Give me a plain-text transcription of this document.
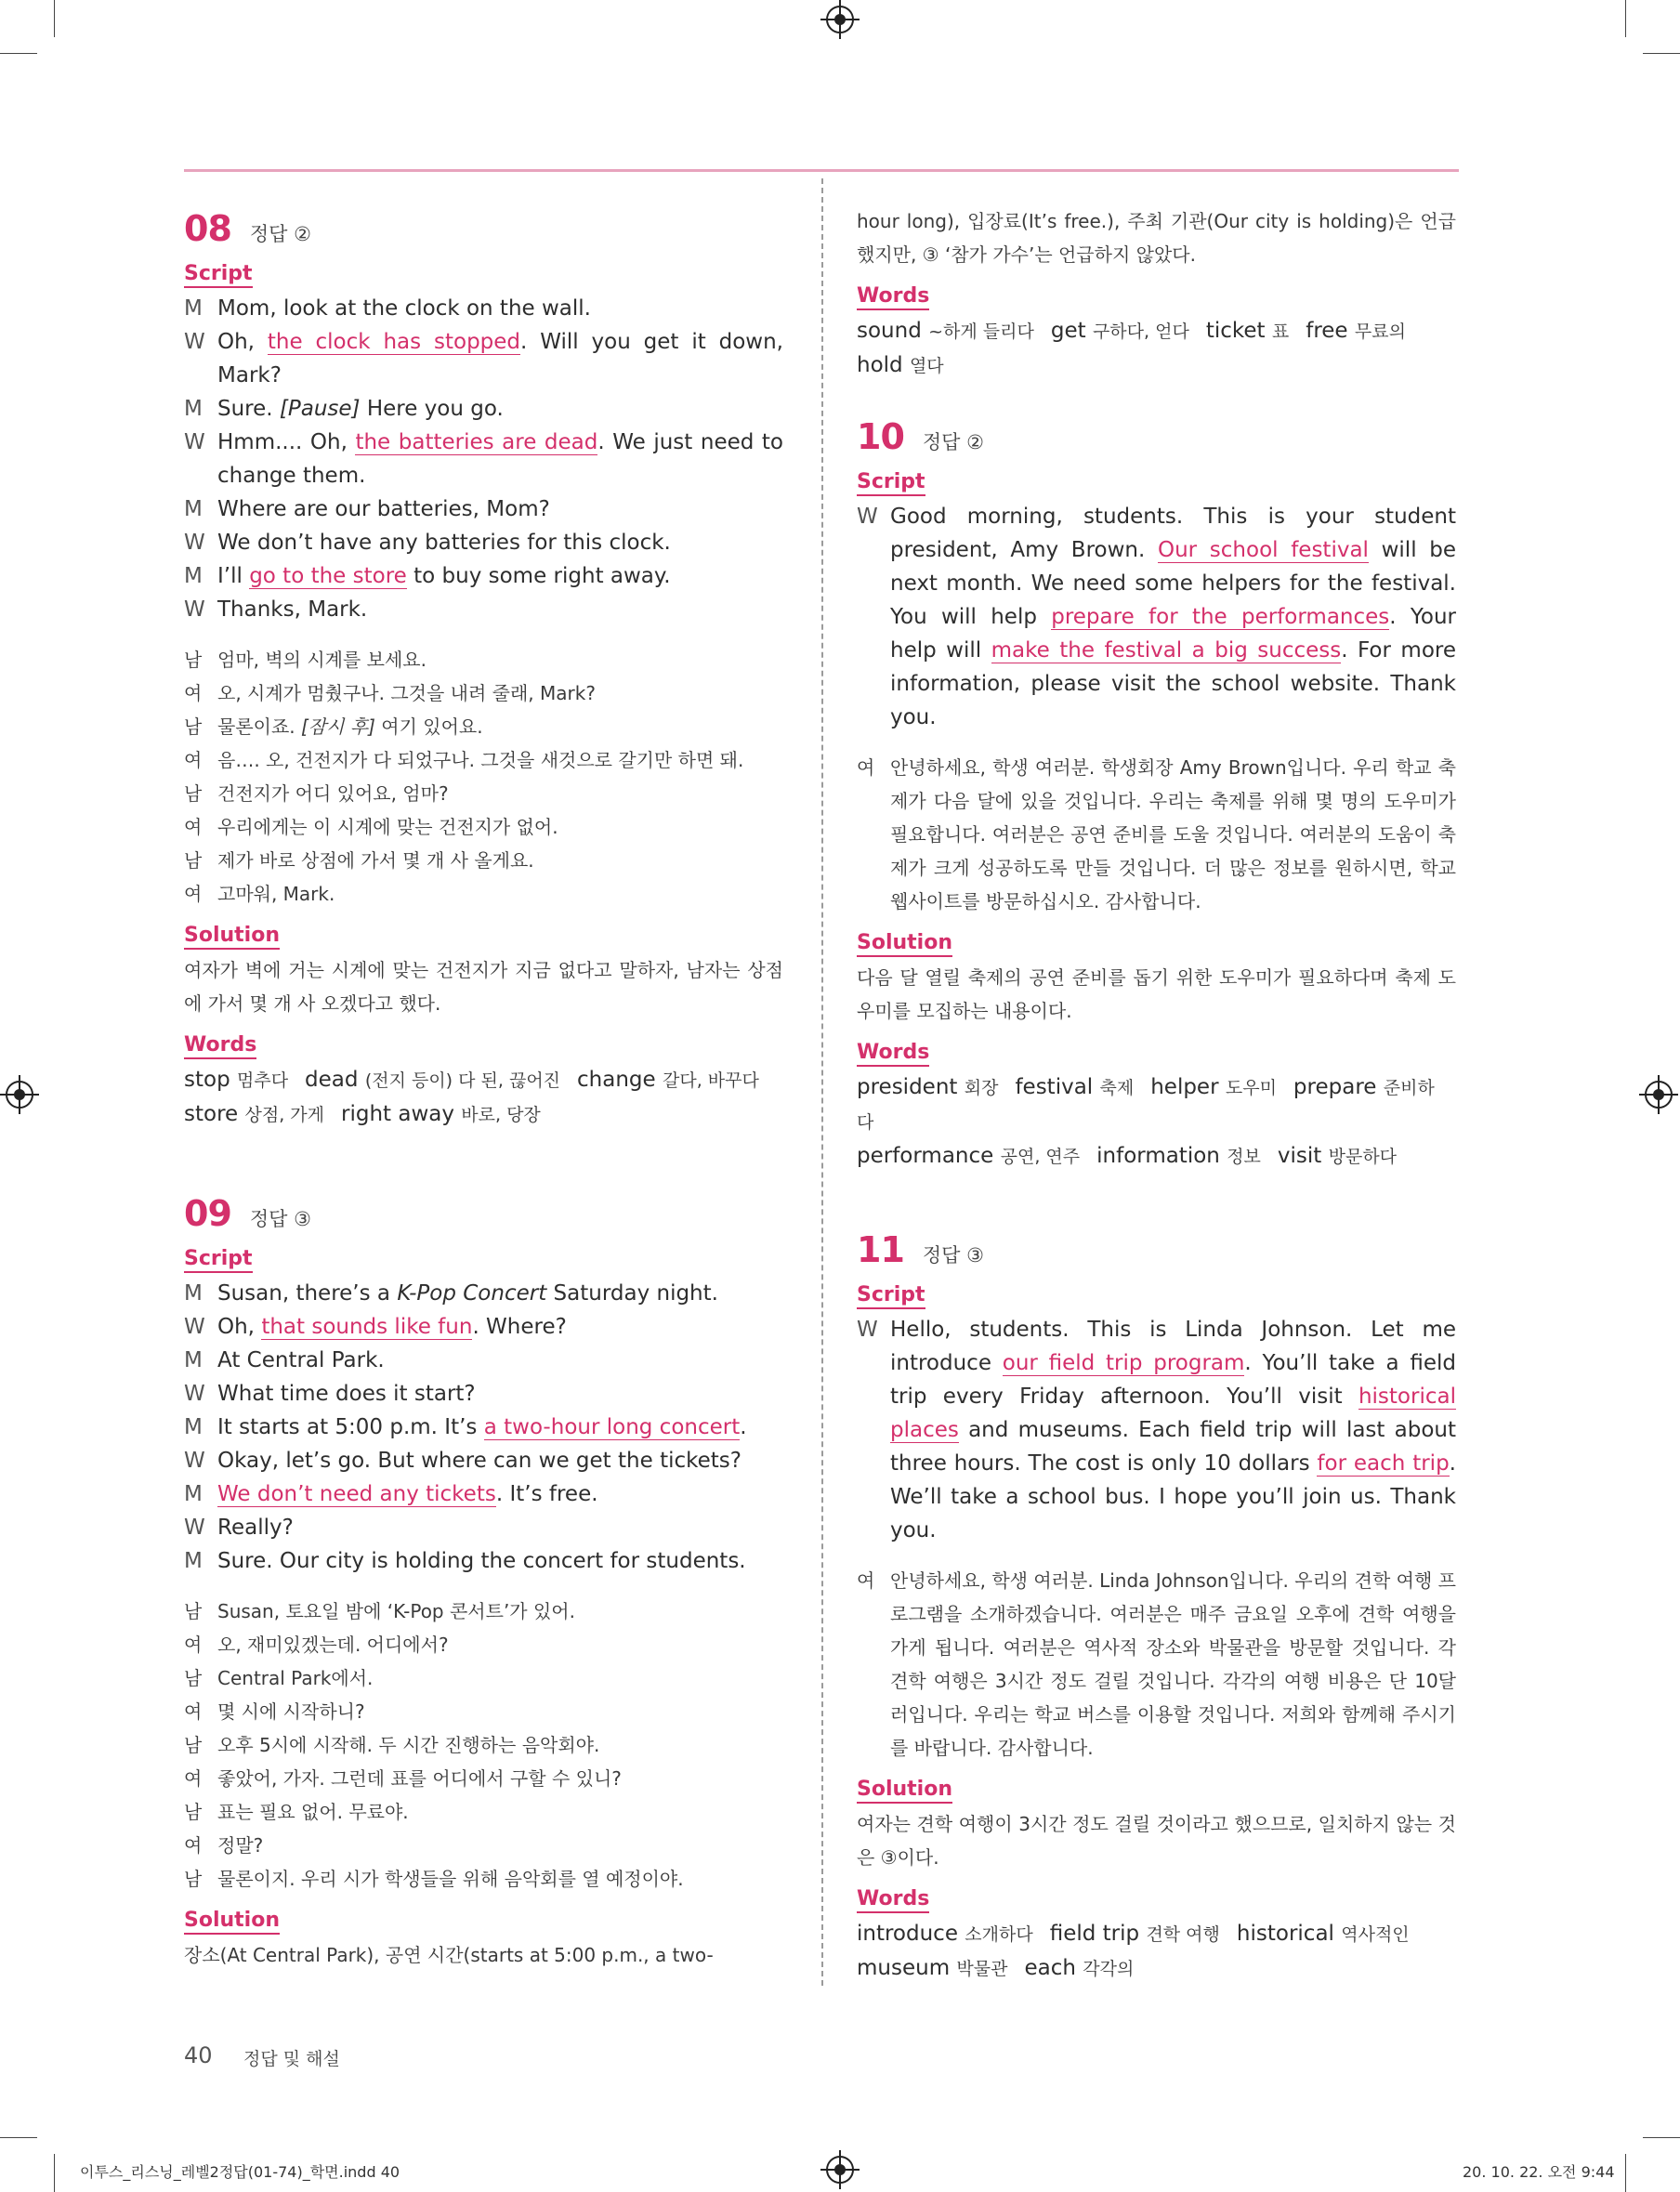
08 정답 ②
Script
M Mom, look at the clock on the wall.
W Oh, the clock has stopped. Will you get it down, Mark?
M Sure. [Pause] Here you go.
W Hmm.... Oh, the batteries are dead. We just need to change them.
M Where are our batteries, Mom?
W We don’t have any batteries for this clock.
M I’ll go to the store to buy some right away.
W Thanks, Mark.
남 엄마, 벽의 시계를 보세요.
여 오, 시계가 멈췄구나. 그것을 내려 줄래, Mark?
남 물론이죠. [잠시 후] 여기 있어요.
여 음…. 오, 건전지가 다 되었구나. 그것을 새것으로 갈기만 하면 돼.
남 건전지가 어디 있어요, 엄마?
여 우리에게는 이 시계에 맞는 건전지가 없어.
남 제가 바로 상점에 가서 몇 개 사 올게요.
여 고마워, Mark.
Solution
여자가 벽에 거는 시계에 맞는 건전지가 지금 없다고 말하자, 남자는 상점에 가서 몇 개 사 오겠다고 했다.
Words
stop 멈추다 dead (전지 등이) 다 된, 끊어진 change 갈다, 바꾸다
store 상점, 가게 right away 바로, 당장
09 정답 ③
Script
M Susan, there’s a K-Pop Concert Saturday night.
W Oh, that sounds like fun. Where?
M At Central Park.
W What time does it start?
M It starts at 5:00 p.m. It’s a two-hour long concert.
W Okay, let’s go. But where can we get the tickets?
M We don’t need any tickets. It’s free.
W Really?
M Sure. Our city is holding the concert for students.
남 Susan, 토요일 밤에 ‘K-Pop 콘서트’가 있어.
여 오, 재미있겠는데. 어디에서?
남 Central Park에서.
여 몇 시에 시작하니?
남 오후 5시에 시작해. 두 시간 진행하는 음악회야.
여 좋았어, 가자. 그런데 표를 어디에서 구할 수 있니?
남 표는 필요 없어. 무료야.
여 정말?
남 물론이지. 우리 시가 학생들을 위해 음악회를 열 예정이야.
Solution
장소(At Central Park), 공연 시간(starts at 5:00 p.m., a two-
hour long), 입장료(It’s free.), 주최 기관(Our city is holding)은 언급했지만, ③ ‘참가 가수’는 언급하지 않았다.
Words
sound ~하게 들리다 get 구하다, 얻다 ticket 표 free 무료의
hold 열다
10 정답 ②
Script
W Good morning, students. This is your student president, Amy Brown. Our school festival will be next month. We need some helpers for the festival. You will help prepare for the performances. Your help will make the festival a big success. For more information, please visit the school website. Thank you.
여 안녕하세요, 학생 여러분. 학생회장 Amy Brown입니다. 우리 학교 축제가 다음 달에 있을 것입니다. 우리는 축제를 위해 몇 명의 도우미가 필요합니다. 여러분은 공연 준비를 도울 것입니다. 여러분의 도움이 축제가 크게 성공하도록 만들 것입니다. 더 많은 정보를 원하시면, 학교 웹사이트를 방문하십시오. 감사합니다.
Solution
다음 달 열릴 축제의 공연 준비를 돕기 위한 도우미가 필요하다며 축제 도우미를 모집하는 내용이다.
Words
president 회장 festival 축제 helper 도우미 prepare 준비하다
performance 공연, 연주 information 정보 visit 방문하다
11 정답 ③
Script
W Hello, students. This is Linda Johnson. Let me introduce our field trip program. You’ll take a field trip every Friday afternoon. You’ll visit historical places and museums. Each field trip will last about three hours. The cost is only 10 dollars for each trip. We’ll take a school bus. I hope you’ll join us. Thank you.
여 안녕하세요, 학생 여러분. Linda Johnson입니다. 우리의 견학 여행 프로그램을 소개하겠습니다. 여러분은 매주 금요일 오후에 견학 여행을 가게 됩니다. 여러분은 역사적 장소와 박물관을 방문할 것입니다. 각 견학 여행은 3시간 정도 걸릴 것입니다. 각각의 여행 비용은 단 10달러입니다. 우리는 학교 버스를 이용할 것입니다. 저희와 함께해 주시기를 바랍니다. 감사합니다.
Solution
여자는 견학 여행이 3시간 정도 걸릴 것이라고 했으므로, 일치하지 않는 것은 ③이다.
Words
introduce 소개하다 field trip 견학 여행 historical 역사적인
museum 박물관 each 각각의
40 정답 및 해설
이투스_리스닝_레벨2정답(01-74)_학면.indd 40	20. 10. 22. 오전 9:44
